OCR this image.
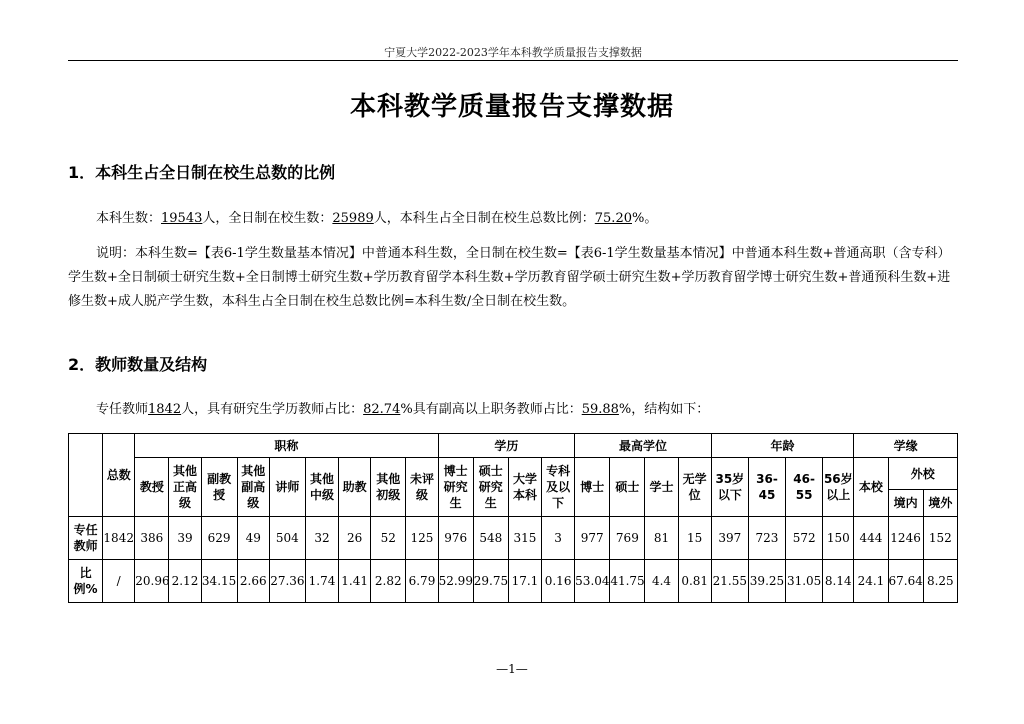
宁夏大学2022-2023学年本科教学质量报告支撑数据
本科教学质量报告支撑数据
1．本科生占全日制在校生总数的比例
本科生数：19543人，全日制在校生数：25989人，本科生占全日制在校生总数比例：75.20%。
说明：本科生数=【表6-1学生数量基本情况】中普通本科生数，全日制在校生数=【表6-1学生数量基本情况】中普通本科生数+普通高职（含专科）学生数+全日制硕士研究生数+全日制博士研究生数+学历教育留学本科生数+学历教育留学硕士研究生数+学历教育留学博士研究生数+普通预科生数+进修生数+成人脱产学生数，本科生占全日制在校生总数比例=本科生数/全日制在校生数。
2．教师数量及结构
专任教师1842人，具有研究生学历教师占比：82.74%具有副高以上职务教师占比：59.88%，结构如下：
	总数	职称									学历				最高学位				年龄				学缘		
		教授	其他正高级	副教授	其他副高级	讲师	其他中级	助教	其他初级	未评级	博士研究生	硕士研究生	大学本科	专科及以下	博士	硕士	学士	无学位	35岁以下	36-45	46-55	56岁以上	本校	外校	
																								境内	境外
专任教师	1842	386	39	629	49	504	32	26	52	125	976	548	315	3	977	769	81	15	397	723	572	150	444	1246	152
比例%	/	20.96	2.12	34.15	2.66	27.36	1.74	1.41	2.82	6.79	52.99	29.75	17.1	0.16	53.04	41.75	4.4	0.81	21.55	39.25	31.05	8.14	24.1	67.64	8.25
—1—
